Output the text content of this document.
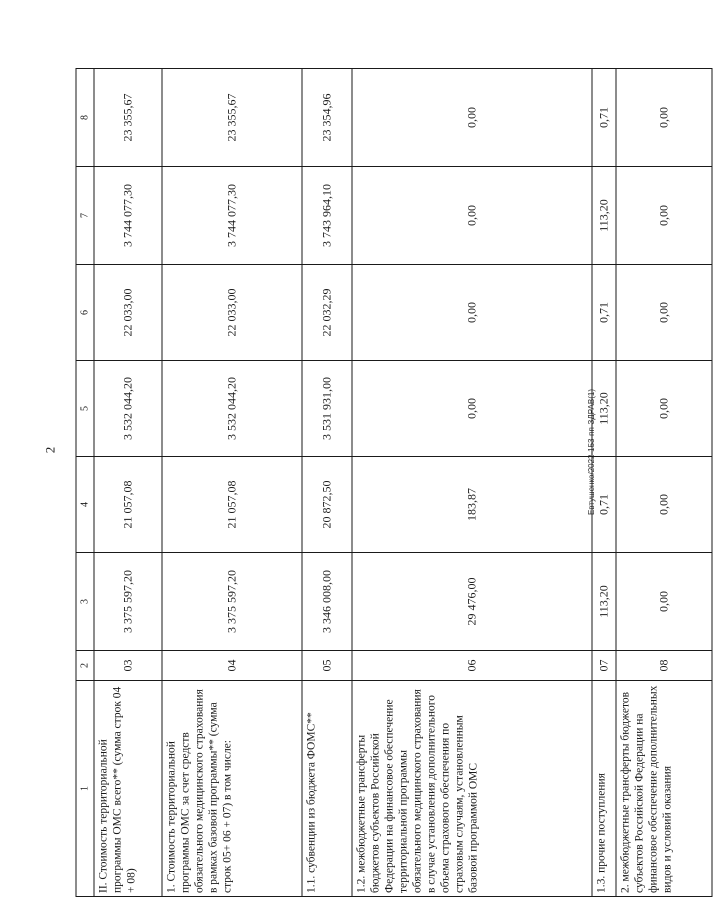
2	Евтушенко/2022-153-пп-ЗДРАВ(1)
1	2	3	4	5	6	7	8
II. Стоимость территориальной программы ОМС всего** (сумма строк 04 + 08)	03	3 375 597,20	21 057,08	3 532 044,20	22 033,00	3 744 077,30	23 355,67
1. Стоимость территориальной программы ОМС за счет средств обязательного медицинского страхования в рамках базовой программы** (сумма строк 05+ 06 + 07) в том числе:	04	3 375 597,20	21 057,08	3 532 044,20	22 033,00	3 744 077,30	23 355,67
1.1. субвенции из бюджета ФОМС**	05	3 346 008,00	20 872,50	3 531 931,00	22 032,29	3 743 964,10	23 354,96
1.2. межбюджетные трансферты бюджетов субъектов Российской Федерации на финансовое обеспечение территориальной программы обязательного медицинского страхования в случае установления дополнительного объема страхового обеспечения по страховым случаям, установленным базовой программой ОМС	06	29 476,00	183,87	0,00	0,00	0,00	0,00
1.3. прочие поступления	07	113,20	0,71	113,20	0,71	113,20	0,71
2. межбюджетные трансферты бюджетов субъектов Российской Федерации на финансовое обеспечение дополнительных видов и условий оказания	08	0,00	0,00	0,00	0,00	0,00	0,00
